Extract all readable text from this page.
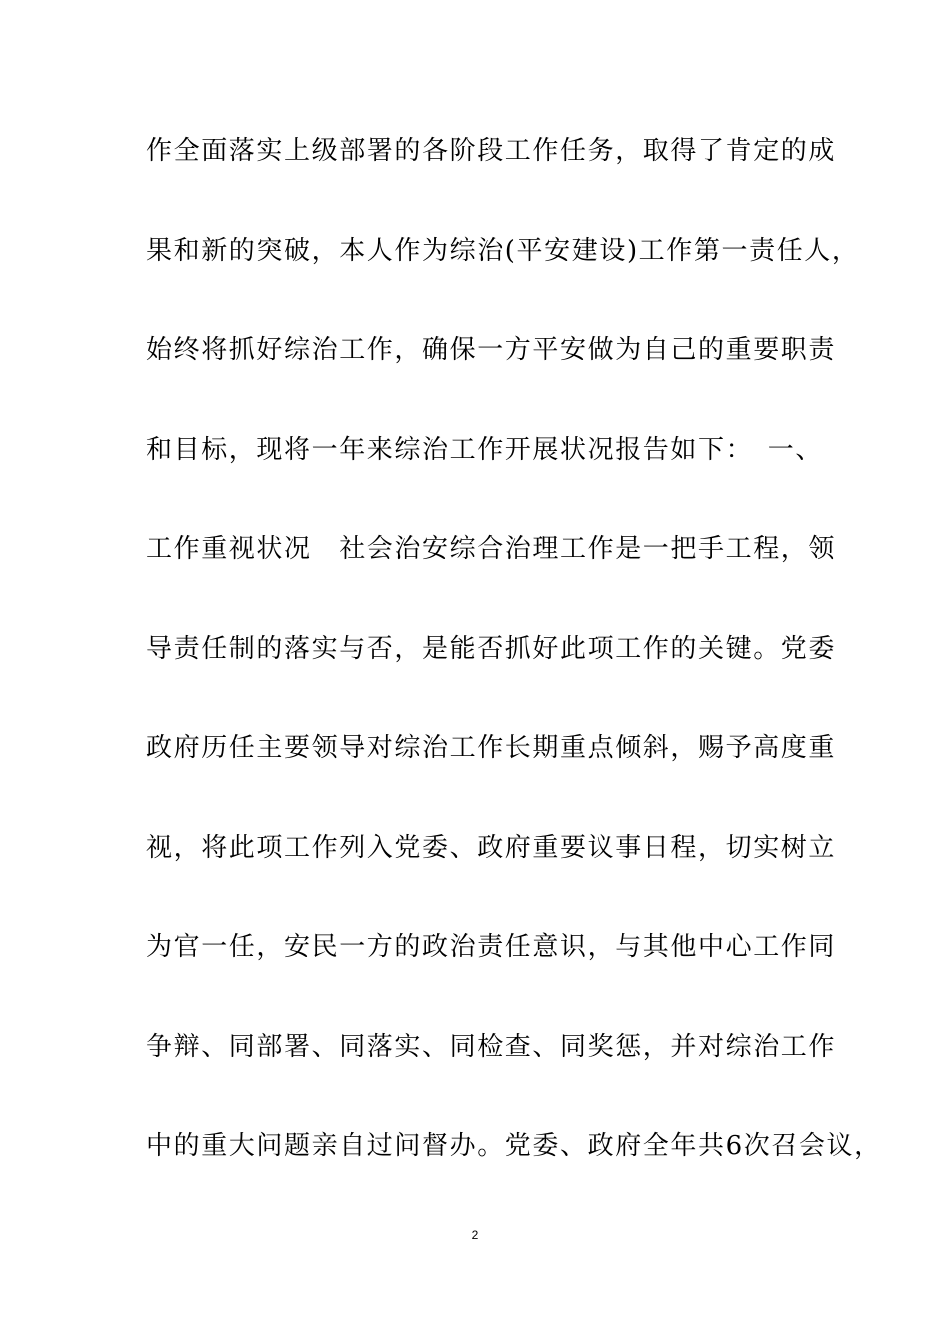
作全面落实上级部署的各阶段工作任务，取得了肯定的成
果和新的突破，本人作为综治(平安建设)工作第一责任人，
始终将抓好综治工作，确保一方平安做为自己的重要职责
和目标，现将一年来综治工作开展状况报告如下：　一、
工作重视状况　社会治安综合治理工作是一把手工程，领
导责任制的落实与否，是能否抓好此项工作的关键。党委
政府历任主要领导对综治工作长期重点倾斜，赐予高度重
视，将此项工作列入党委、政府重要议事日程，切实树立
为官一任，安民一方的政治责任意识，与其他中心工作同
争辩、同部署、同落实、同检查、同奖惩，并对综治工作
中的重大问题亲自过问督办。党委、政府全年共6次召会议，
2
